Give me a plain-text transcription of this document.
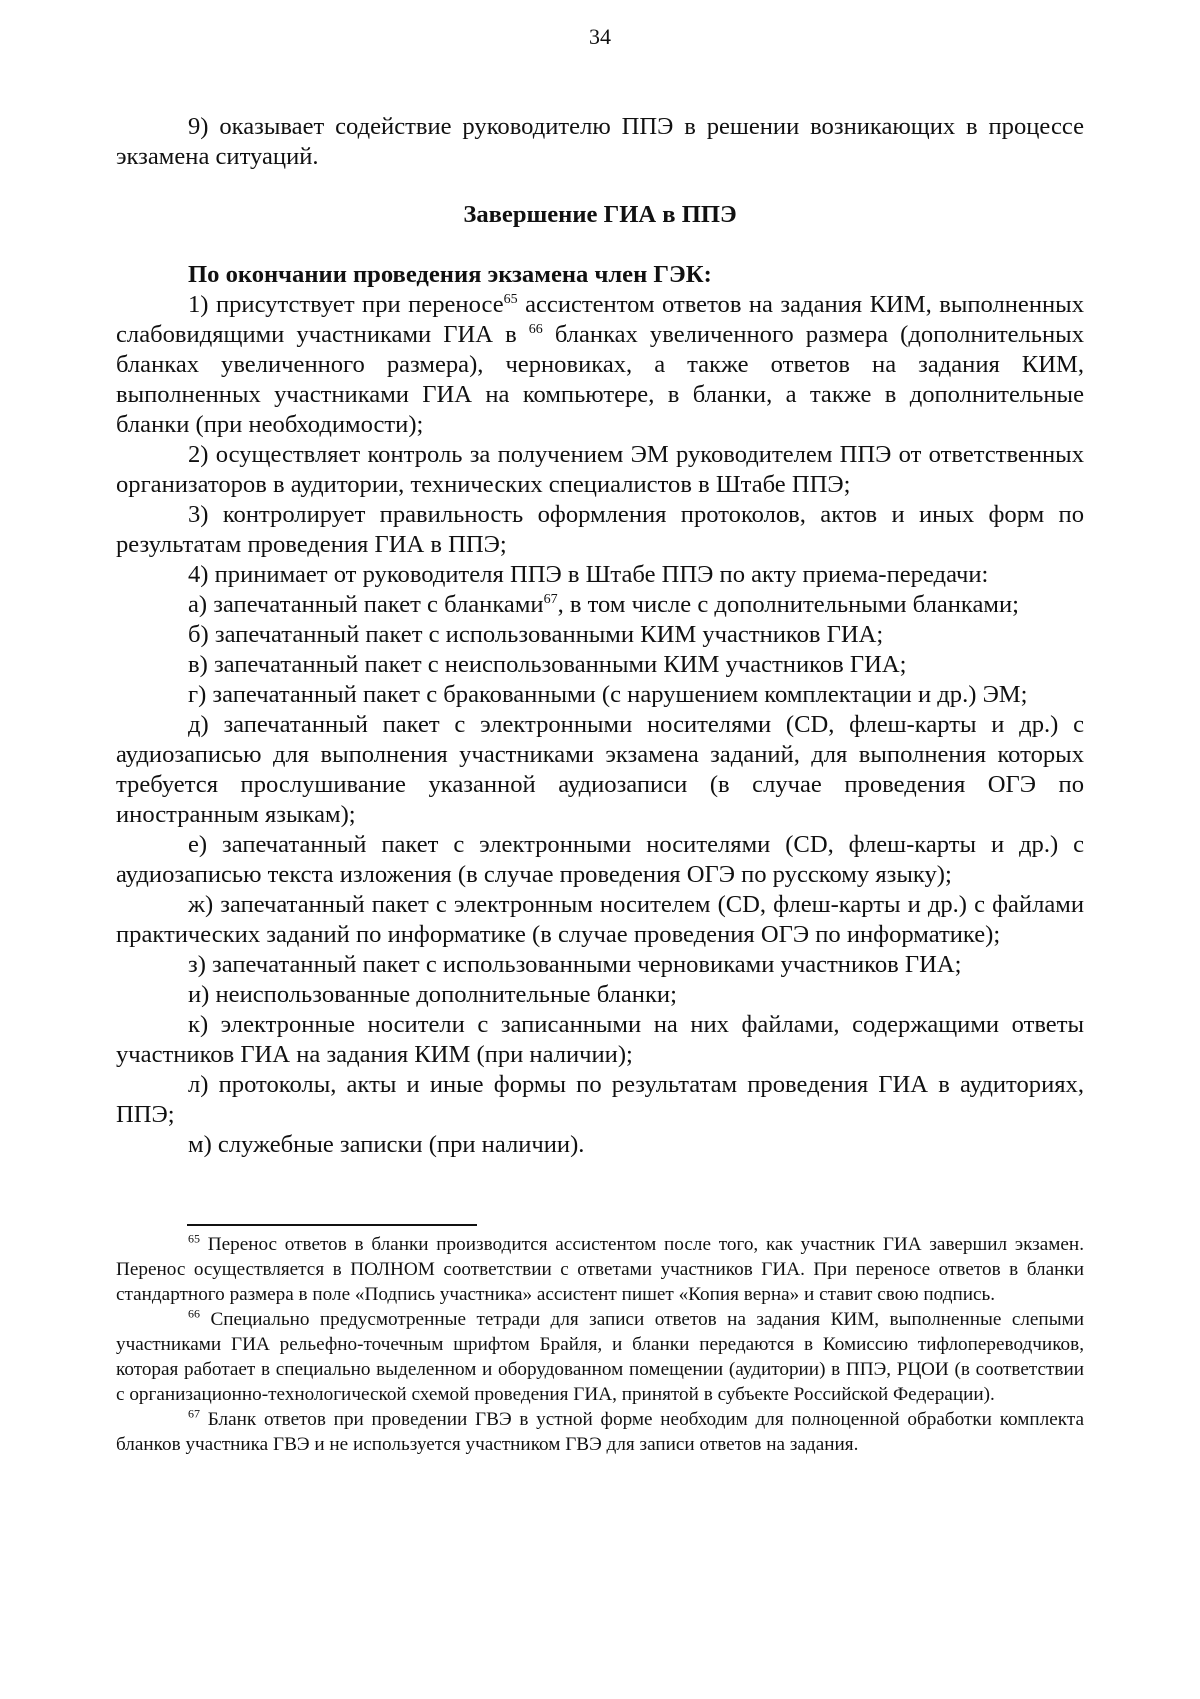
34

9) оказывает содействие руководителю ППЭ в решении возникающих в процессе экзамена ситуаций.

Завершение ГИА в ППЭ

По окончании проведения экзамена член ГЭК:

1) присутствует при переносе$^{65}$ ассистентом ответов на задания КИМ, выполненных слабовидящими участниками ГИА в $^{66}$ бланках увеличенного размера (дополнительных бланках увеличенного размера), черновиках, а также ответов на задания КИМ, выполненных участниками ГИА на компьютере, в бланки, а также в дополнительные бланки (при необходимости);

2) осуществляет контроль за получением ЭМ руководителем ППЭ от ответственных организаторов в аудитории, технических специалистов в Штабе ППЭ;

3) контролирует правильность оформления протоколов, актов и иных форм по результатам проведения ГИА в ППЭ;

4) принимает от руководителя ППЭ в Штабе ППЭ по акту приема-передачи:

а) запечатанный пакет с бланками$^{67}$, в том числе с дополнительными бланками;

б) запечатанный пакет с использованными КИМ участников ГИА;

в) запечатанный пакет с неиспользованными КИМ участников ГИА;

г) запечатанный пакет с бракованными (с нарушением комплектации и др.) ЭМ;

д) запечатанный пакет с электронными носителями (CD, флеш-карты и др.) с аудиозаписью для выполнения участниками экзамена заданий, для выполнения которых требуется прослушивание указанной аудиозаписи (в случае проведения ОГЭ по иностранным языкам);

е) запечатанный пакет с электронными носителями (CD, флеш-карты и др.) с аудиозаписью текста изложения (в случае проведения ОГЭ по русскому языку);

ж) запечатанный пакет с электронным носителем (CD, флеш-карты и др.) с файлами практических заданий по информатике (в случае проведения ОГЭ по информатике);

з) запечатанный пакет с использованными черновиками участников ГИА;

и) неиспользованные дополнительные бланки;

к) электронные носители с записанными на них файлами, содержащими ответы участников ГИА на задания КИМ (при наличии);

л) протоколы, акты и иные формы по результатам проведения ГИА в аудиториях, ППЭ;

м) служебные записки (при наличии).

$^{65}$ Перенос ответов в бланки производится ассистентом после того, как участник ГИА завершил экзамен. Перенос осуществляется в ПОЛНОМ соответствии с ответами участников ГИА. При переносе ответов в бланки стандартного размера в поле «Подпись участника» ассистент пишет «Копия верна» и ставит свою подпись.

$^{66}$ Специально предусмотренные тетради для записи ответов на задания КИМ, выполненные слепыми участниками ГИА рельефно-точечным шрифтом Брайля, и бланки передаются в Комиссию тифлопереводчиков, которая работает в специально выделенном и оборудованном помещении (аудитории) в ППЭ, РЦОИ (в соответствии с организационно-технологической схемой проведения ГИА, принятой в субъекте Российской Федерации).

$^{67}$ Бланк ответов при проведении ГВЭ в устной форме необходим для полноценной обработки комплекта бланков участника ГВЭ и не используется участником ГВЭ для записи ответов на задания.
